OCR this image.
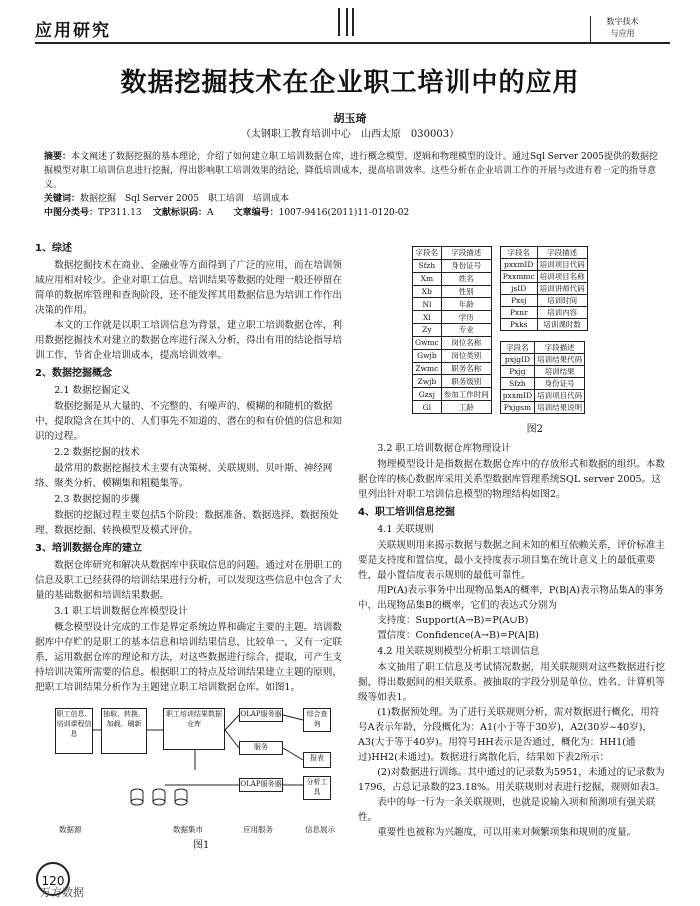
应用研究	数字技术
与应用
数据挖掘技术在企业职工培训中的应用
胡玉琦
（太钢职工教育培训中心　山西太原　030003）
摘要：本文阐述了数据挖掘的基本理论，介绍了如何建立职工培训数据仓库，进行概念模型、逻辑和物理模型的设计。通过Sql Server 2005提供的数据挖掘模型对职工培训信息进行挖掘，得出影响职工培训效果的结论，降低培训成本，提高培训效率。这些分析在企业培训工作的开展与改进有着一定的指导意义。
关键词：数据挖掘　Sql Server 2005　职工培训　培训成本
中图分类号：TP311.13 文献标识码：A 文章编号：1007-9416(2011)11-0120-02
1、综述

数据挖掘技术在商业、金融业等方面得到了广泛的应用，而在培训领域应用相对较少。企业对职工信息、培训结果等数据的处理一般还停留在简单的数据库管理和查询阶段，还不能发挥其用数据信息为培训工作作出决策的作用。

本文的工作就是以职工培训信息为背景，建立职工培训数据仓库，利用数据挖掘技术对建立的数据仓库进行深入分析，得出有用的结论指导培训工作，节省企业培训成本，提高培训效率。

2、数据挖掘概念
2.1 数据挖掘定义

数据挖掘是从大量的、不完整的、有噪声的、模糊的和随机的数据中，提取隐含在其中的、人们事先不知道的、潜在的和有价值的信息和知识的过程。

2.2 数据挖掘的技术

最常用的数据挖掘技术主要有决策树、关联规则、贝叶斯、神经网络、聚类分析、模糊集和粗糙集等。

2.3 数据挖掘的步骤

数据的挖掘过程主要包括5个阶段：数据准备、数据选择、数据预处理、数据挖掘、转换模型及模式评价。

3、培训数据仓库的建立

数据仓库研究和解决从数据库中获取信息的问题。通过对在册职工的信息及职工已经获得的培训结果进行分析，可以发现这些信息中包含了大量的基础数据和培训结果数据。

3.1 职工培训数据仓库模型设计

概念模型设计完成的工作是界定系统边界和确定主要的主题。培训数据库中存贮的是职工的基本信息和培训结果信息，比较单一，又有一定联系，运用数据仓库的理论和方法，对这些数据进行综合、提取，可产生支持培训决策所需要的信息。根据职工的特点及培训结果建立主题的原则，把职工培训结果分析作为主题建立职工培训数据仓库。如图1。

字段名	字段描述
Sfzh	身份证号
Xm	姓名
Xb	性别
Nl	年龄
Xl	学历
Zy	专业
Gwmc	岗位名称
Gwjb	岗位类别
Zwmc	职务名称
Zwjb	职务级别
Gzsj	参加工作时间
Gl	工龄
字段名	字段描述
pxxmID	培训项目代码
Pxxmmc	培训项目名称
jsID	培训讲师代码
Pxsj	培训时间
Pxnr	培训内容
Pxks	培训课时数
字段名	字段描述
pxjgID	培训结果代码
Pxjg	培训结果
Sfzh	身份证号
pxxmID	培训项目代码
Pxjgsm	培训结果说明
图2
3.2 职工培训数据仓库物理设计

物理模型设计是指数据在数据仓库中的存放形式和数据的组织。本数据仓库的核心数据库采用关系型数据库管理系统SQL server 2005。这里列出针对职工培训信息模型的物理结构如图2。

4、职工培训信息挖掘
4.1 关联规则

关联规则用来揭示数据与数据之间未知的相互依赖关系，评价标准主要是支持度和置信度，最小支持度表示项目集在统计意义上的最低重要性，最小置信度表示规则的最低可靠性。

用P(A)表示事务中出现物品集A的概率，P(B|A)表示物品集A的事务中，出现物品集B的概率，它们的表达式分别为

支持度：Support(A→B)=P(A∪B)

置信度：Confidence(A→B)=P(A|B)

4.2 用关联规则模型分析职工培训信息

本文抽用了职工信息及考试情况数据，用关联规则对这些数据进行挖掘，得出数据间的相关联系。被抽取的字段分别是单位、姓名、计算机等级等如表1。

(1)数据预处理。为了进行关联规则分析，需对数据进行概化，用符号A表示年龄，分段概化为：A1(小于等于30岁)，A2(30岁~40岁)，A3(大于等于40岁)。用符号HH表示是否通过，概化为：HH1(通过)HH2(未通过)。数据进行离散化后，结果如下表2所示：

(2)对数据进行训练。其中通过的记录数为5951，未通过的记录数为1796，占总记录数的23.18%。用关联规则对表进行挖掘，规则如表3。

表中的每一行为一条关联规则，也就是说输入项和预测项有强关联性。

重要性也被称为兴趣度，可以用来对频繁项集和规则的度量。

职工信息、培训课程信息
抽取、转换、加载、刷新
职工培训结果数据仓库
OLAP服务器
服务
OLAP服务器
综合查询
报表
分析工具
数据源	数据集市	应用服务	信息展示
图1
120
万方数据
